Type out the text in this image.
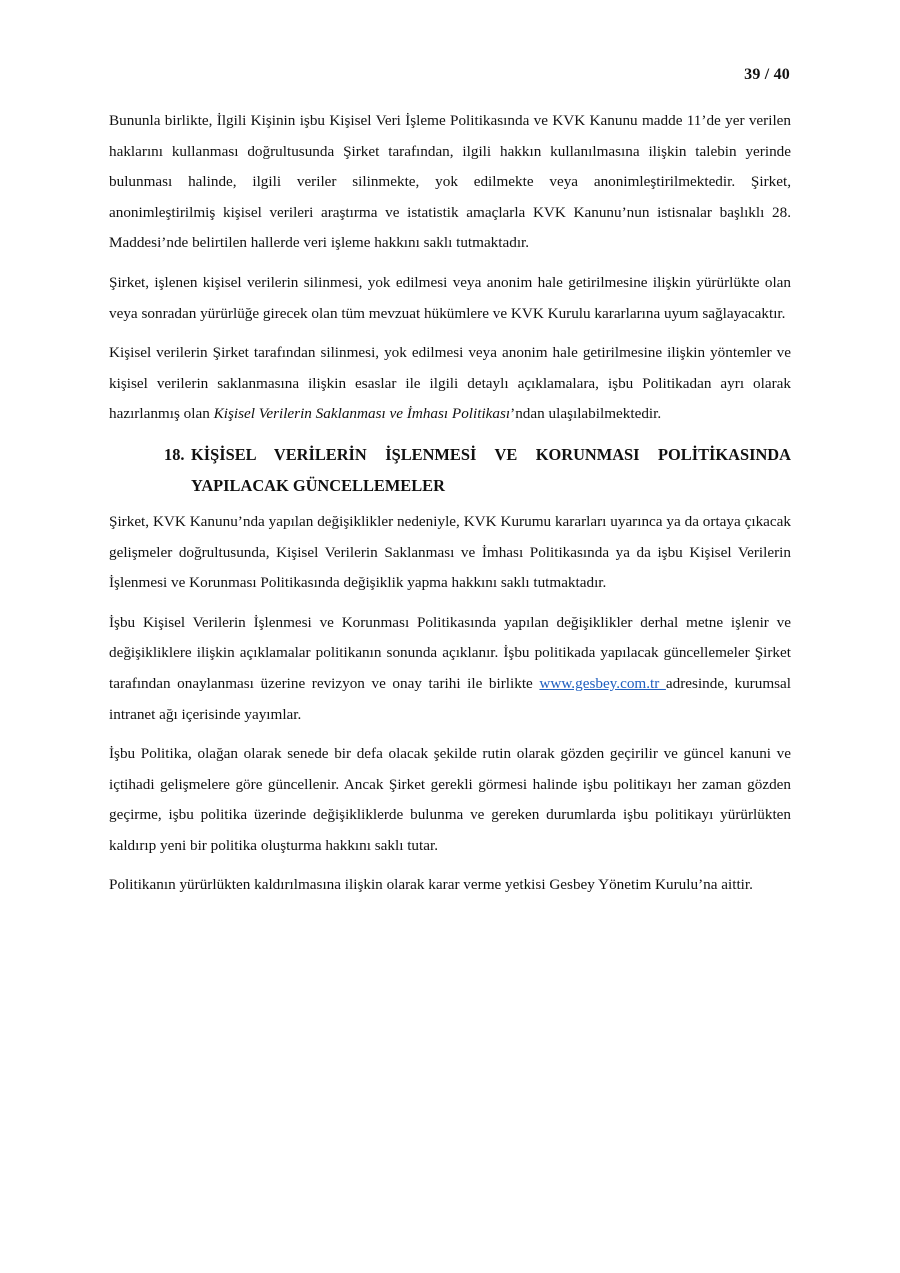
39 / 40

Bununla birlikte, İlgili Kişinin işbu Kişisel Veri İşleme Politikasında ve KVK Kanunu madde 11’de yer verilen haklarını kullanması doğrultusunda Şirket tarafından, ilgili hakkın kullanılmasına ilişkin talebin yerinde bulunması halinde, ilgili veriler silinmekte, yok edilmekte veya anonimleştirilmektedir. Şirket, anonimleştirilmiş kişisel verileri araştırma ve istatistik amaçlarla KVK Kanunu’nun istisnalar başlıklı 28. Maddesi’nde belirtilen hallerde veri işleme hakkını saklı tutmaktadır.

Şirket, işlenen kişisel verilerin silinmesi, yok edilmesi veya anonim hale getirilmesine ilişkin yürürlükte olan veya sonradan yürürlüğe girecek olan tüm mevzuat hükümlere ve KVK Kurulu kararlarına uyum sağlayacaktır.

Kişisel verilerin Şirket tarafından silinmesi, yok edilmesi veya anonim hale getirilmesine ilişkin yöntemler ve kişisel verilerin saklanmasına ilişkin esaslar ile ilgili detaylı açıklamalara, işbu Politikadan ayrı olarak hazırlanmış olan Kişisel Verilerin Saklanması ve İmhası Politikası’ndan ulaşılabilmektedir.

18. KİŞİSEL VERİLERİN İŞLENMESİ VE KORUNMASI POLİTİKASINDA YAPILACAK GÜNCELLEMELER

Şirket, KVK Kanunu’nda yapılan değişiklikler nedeniyle, KVK Kurumu kararları uyarınca ya da ortaya çıkacak gelişmeler doğrultusunda, Kişisel Verilerin Saklanması ve İmhası Politikasında ya da işbu Kişisel Verilerin İşlenmesi ve Korunması Politikasında değişiklik yapma hakkını saklı tutmaktadır.

İşbu Kişisel Verilerin İşlenmesi ve Korunması Politikasında yapılan değişiklikler derhal metne işlenir ve değişikliklere ilişkin açıklamalar politikanın sonunda açıklanır. İşbu politikada yapılacak güncellemeler Şirket tarafından onaylanması üzerine revizyon ve onay tarihi ile birlikte www.gesbey.com.tr adresinde, kurumsal intranet ağı içerisinde yayımlar.

İşbu Politika, olağan olarak senede bir defa olacak şekilde rutin olarak gözden geçirilir ve güncel kanuni ve içtihadi gelişmelere göre güncellenir. Ancak Şirket gerekli görmesi halinde işbu politikayı her zaman gözden geçirme, işbu politika üzerinde değişikliklerde bulunma ve gereken durumlarda işbu politikayı yürürlükten kaldırıp yeni bir politika oluşturma hakkını saklı tutar.

Politikanın yürürlükten kaldırılmasına ilişkin olarak karar verme yetkisi Gesbey Yönetim Kurulu’na aittir.
